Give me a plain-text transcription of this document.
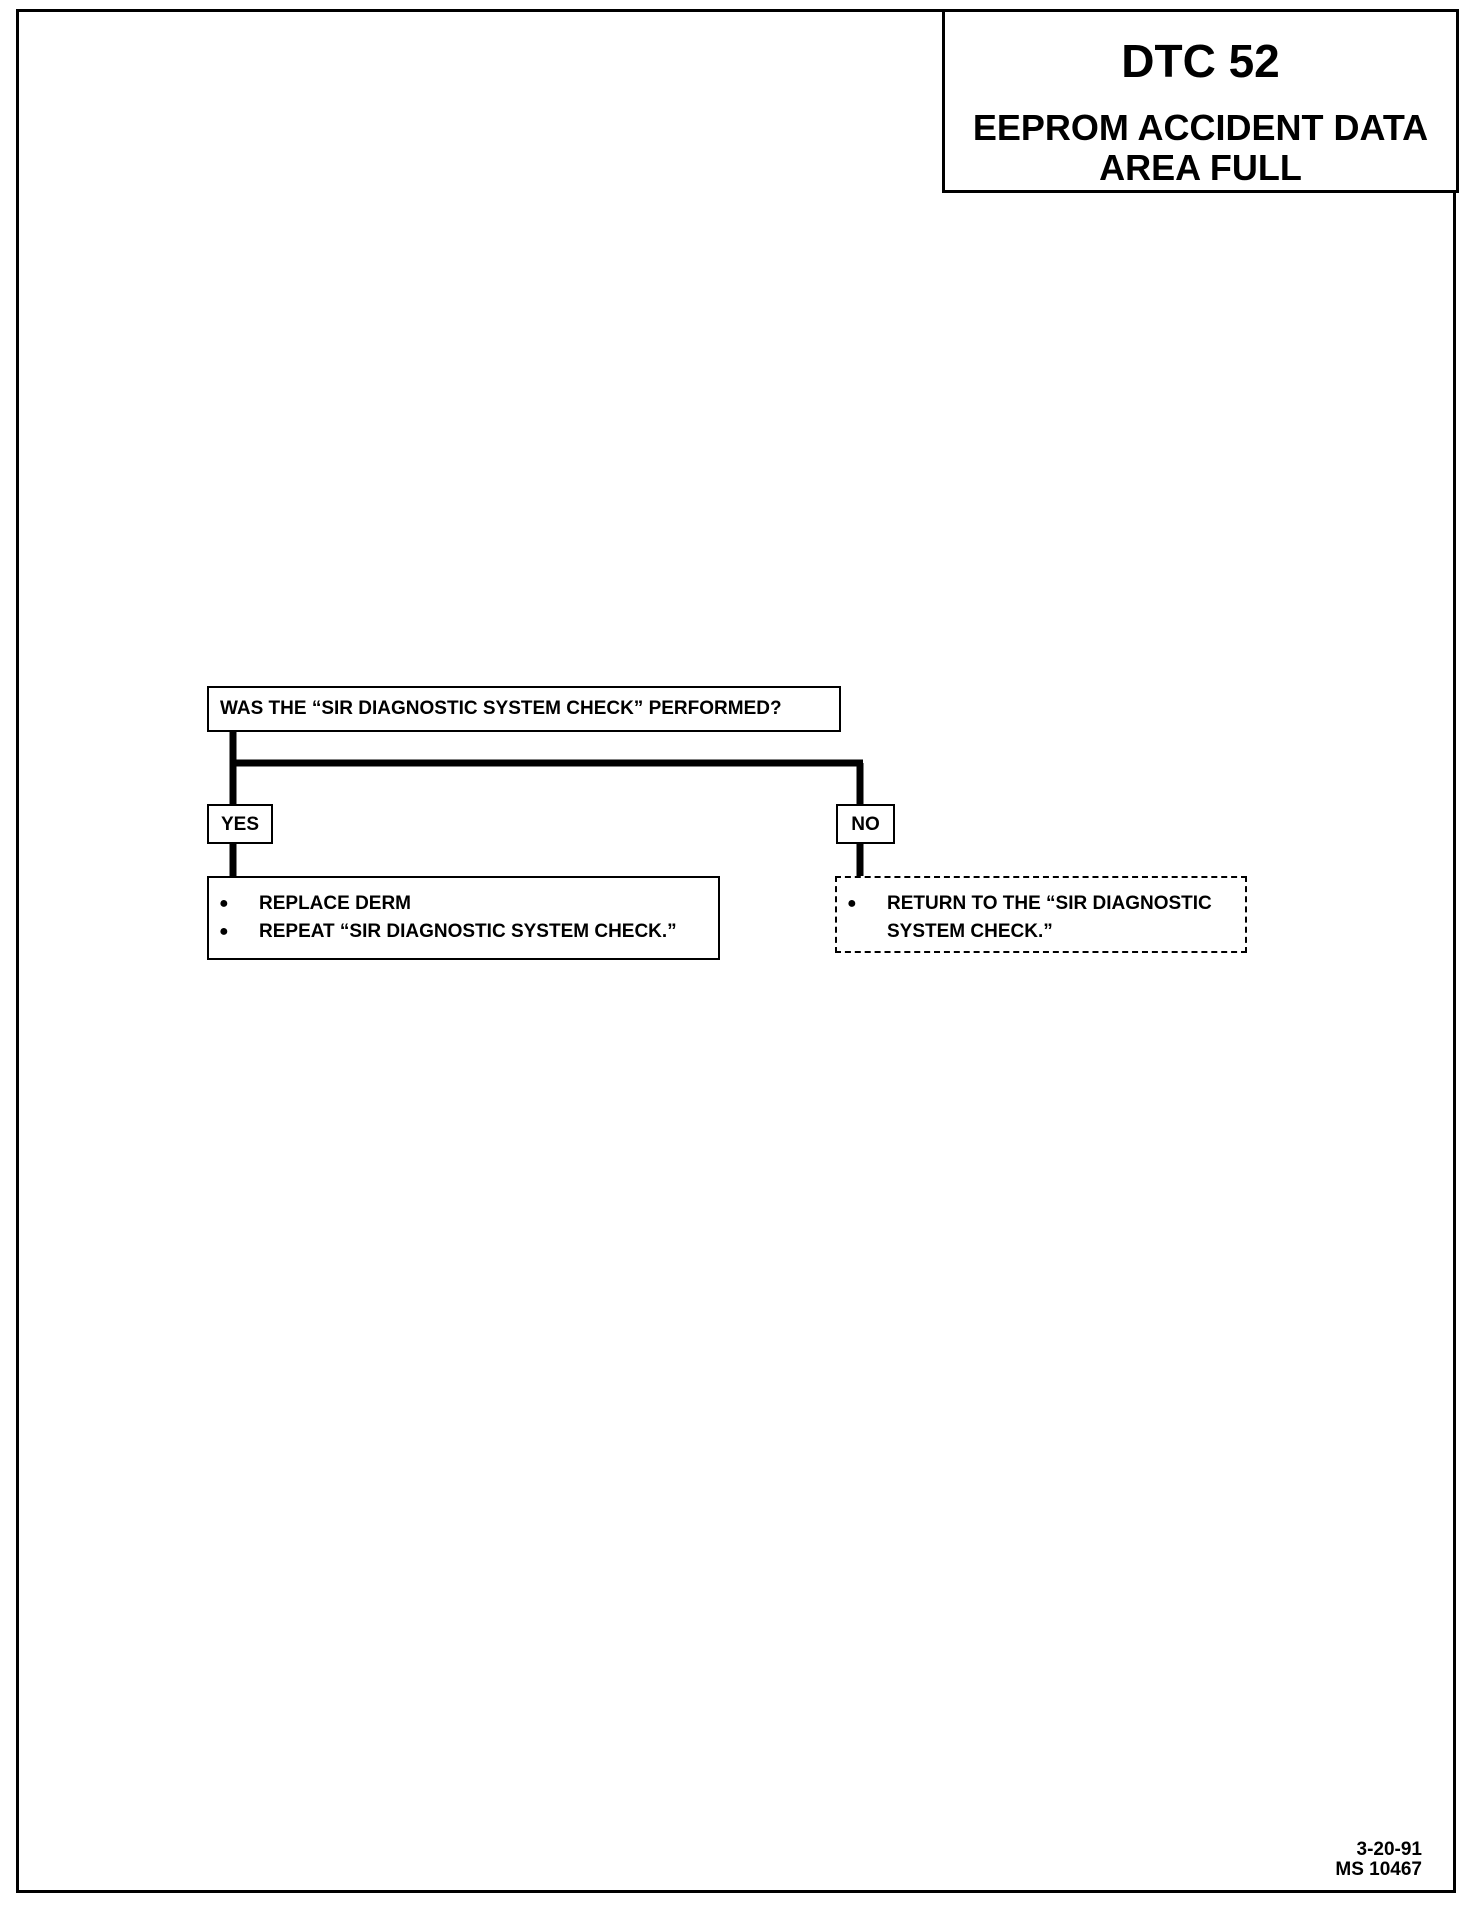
DTC 52
EEPROM ACCIDENT DATA
AREA FULL
WAS THE “SIR DIAGNOSTIC SYSTEM CHECK” PERFORMED?
YES	NO
●	REPLACE DERM
●	REPEAT “SIR DIAGNOSTIC SYSTEM CHECK.”
●	RETURN TO THE “SIR DIAGNOSTIC
SYSTEM CHECK.”
3-20-91
MS 10467
